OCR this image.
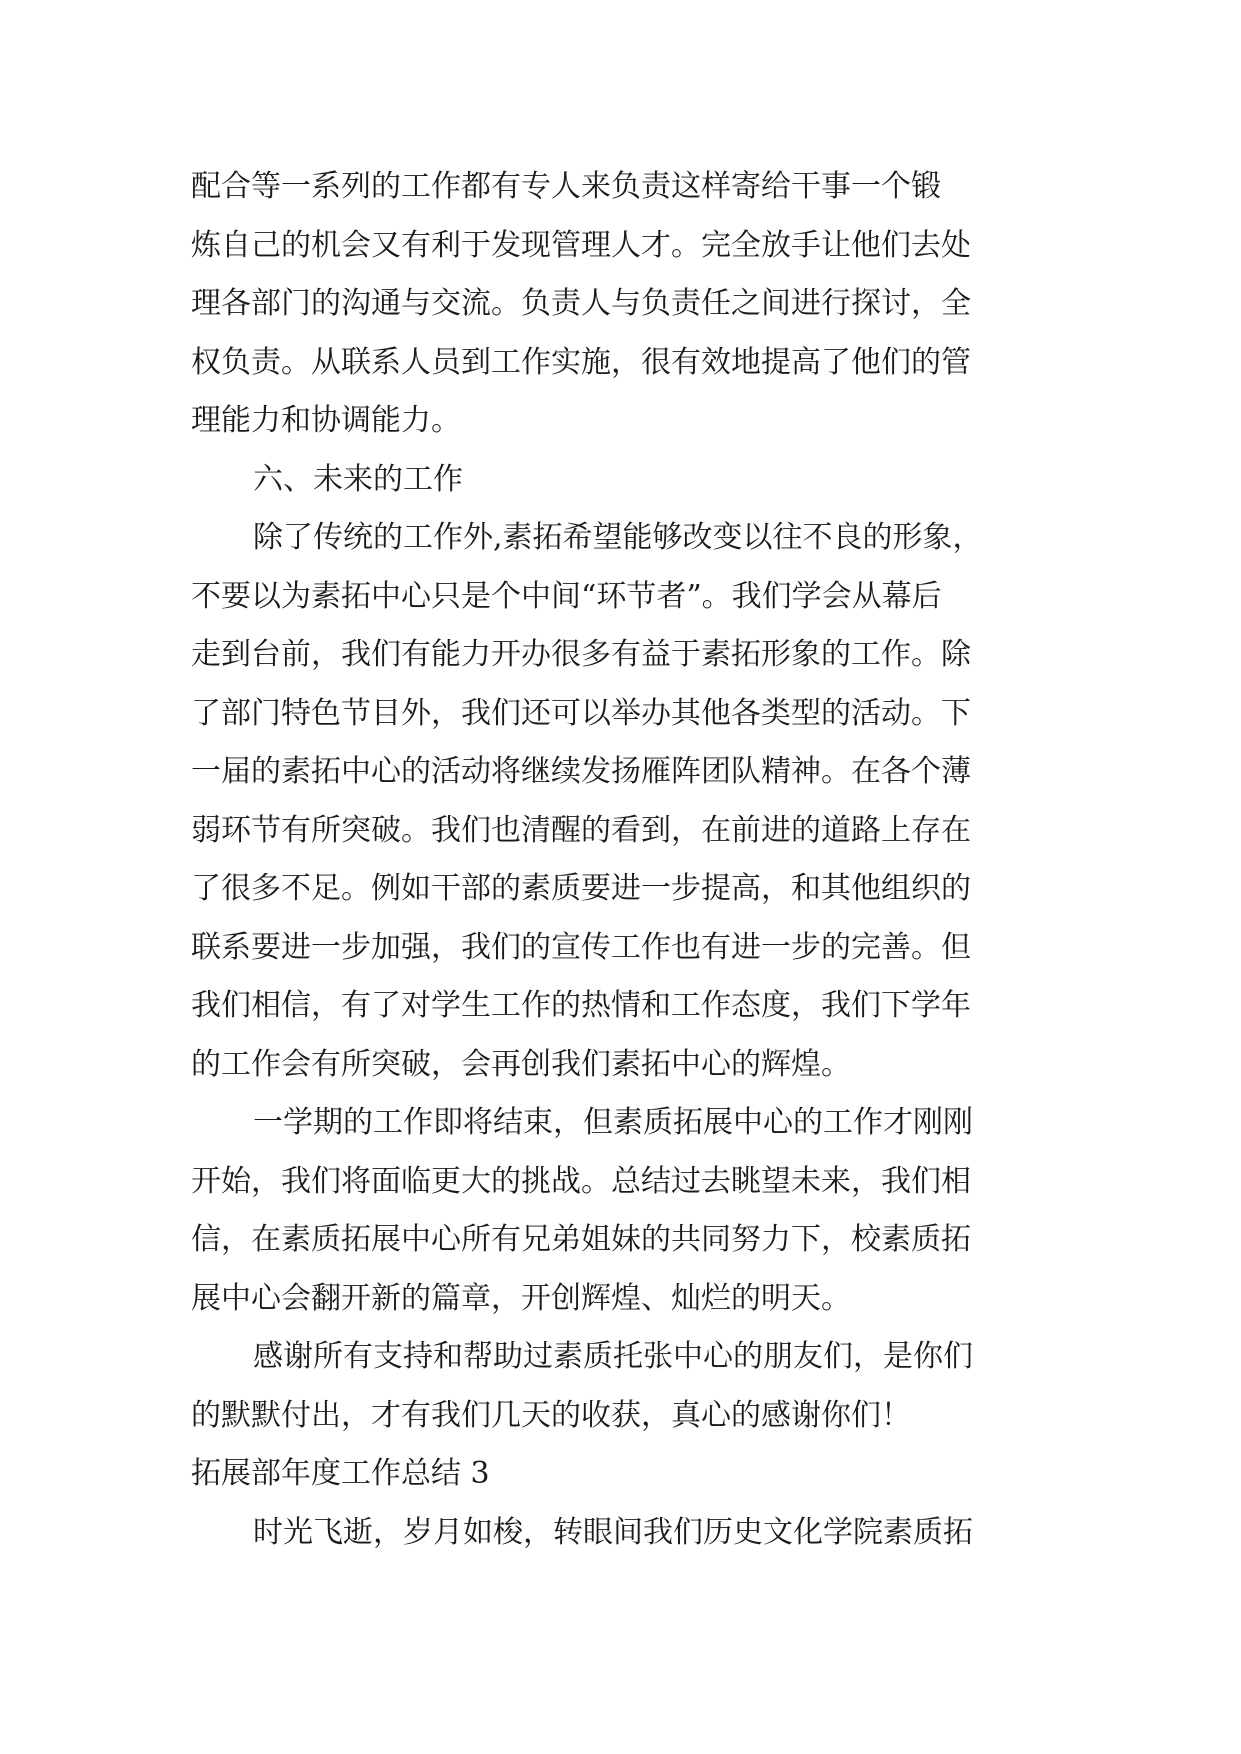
配合等一系列的工作都有专人来负责这样寄给干事一个锻
炼自己的机会又有利于发现管理人才。完全放手让他们去处
理各部门的沟通与交流。负责人与负责任之间进行探讨，全
权负责。从联系人员到工作实施，很有效地提高了他们的管
理能力和协调能力。
六、未来的工作
除了传统的工作外,素拓希望能够改变以往不良的形象，
不要以为素拓中心只是个中间“环节者”。我们学会从幕后
走到台前，我们有能力开办很多有益于素拓形象的工作。除
了部门特色节目外，我们还可以举办其他各类型的活动。下
一届的素拓中心的活动将继续发扬雁阵团队精神。在各个薄
弱环节有所突破。我们也清醒的看到，在前进的道路上存在
了很多不足。例如干部的素质要进一步提高，和其他组织的
联系要进一步加强，我们的宣传工作也有进一步的完善。但
我们相信，有了对学生工作的热情和工作态度，我们下学年
的工作会有所突破，会再创我们素拓中心的辉煌。
一学期的工作即将结束，但素质拓展中心的工作才刚刚
开始，我们将面临更大的挑战。总结过去眺望未来，我们相
信，在素质拓展中心所有兄弟姐妹的共同努力下，校素质拓
展中心会翻开新的篇章，开创辉煌、灿烂的明天。
感谢所有支持和帮助过素质托张中心的朋友们，是你们
的默默付出，才有我们几天的收获，真心的感谢你们！
拓展部年度工作总结 3
时光飞逝，岁月如梭，转眼间我们历史文化学院素质拓
